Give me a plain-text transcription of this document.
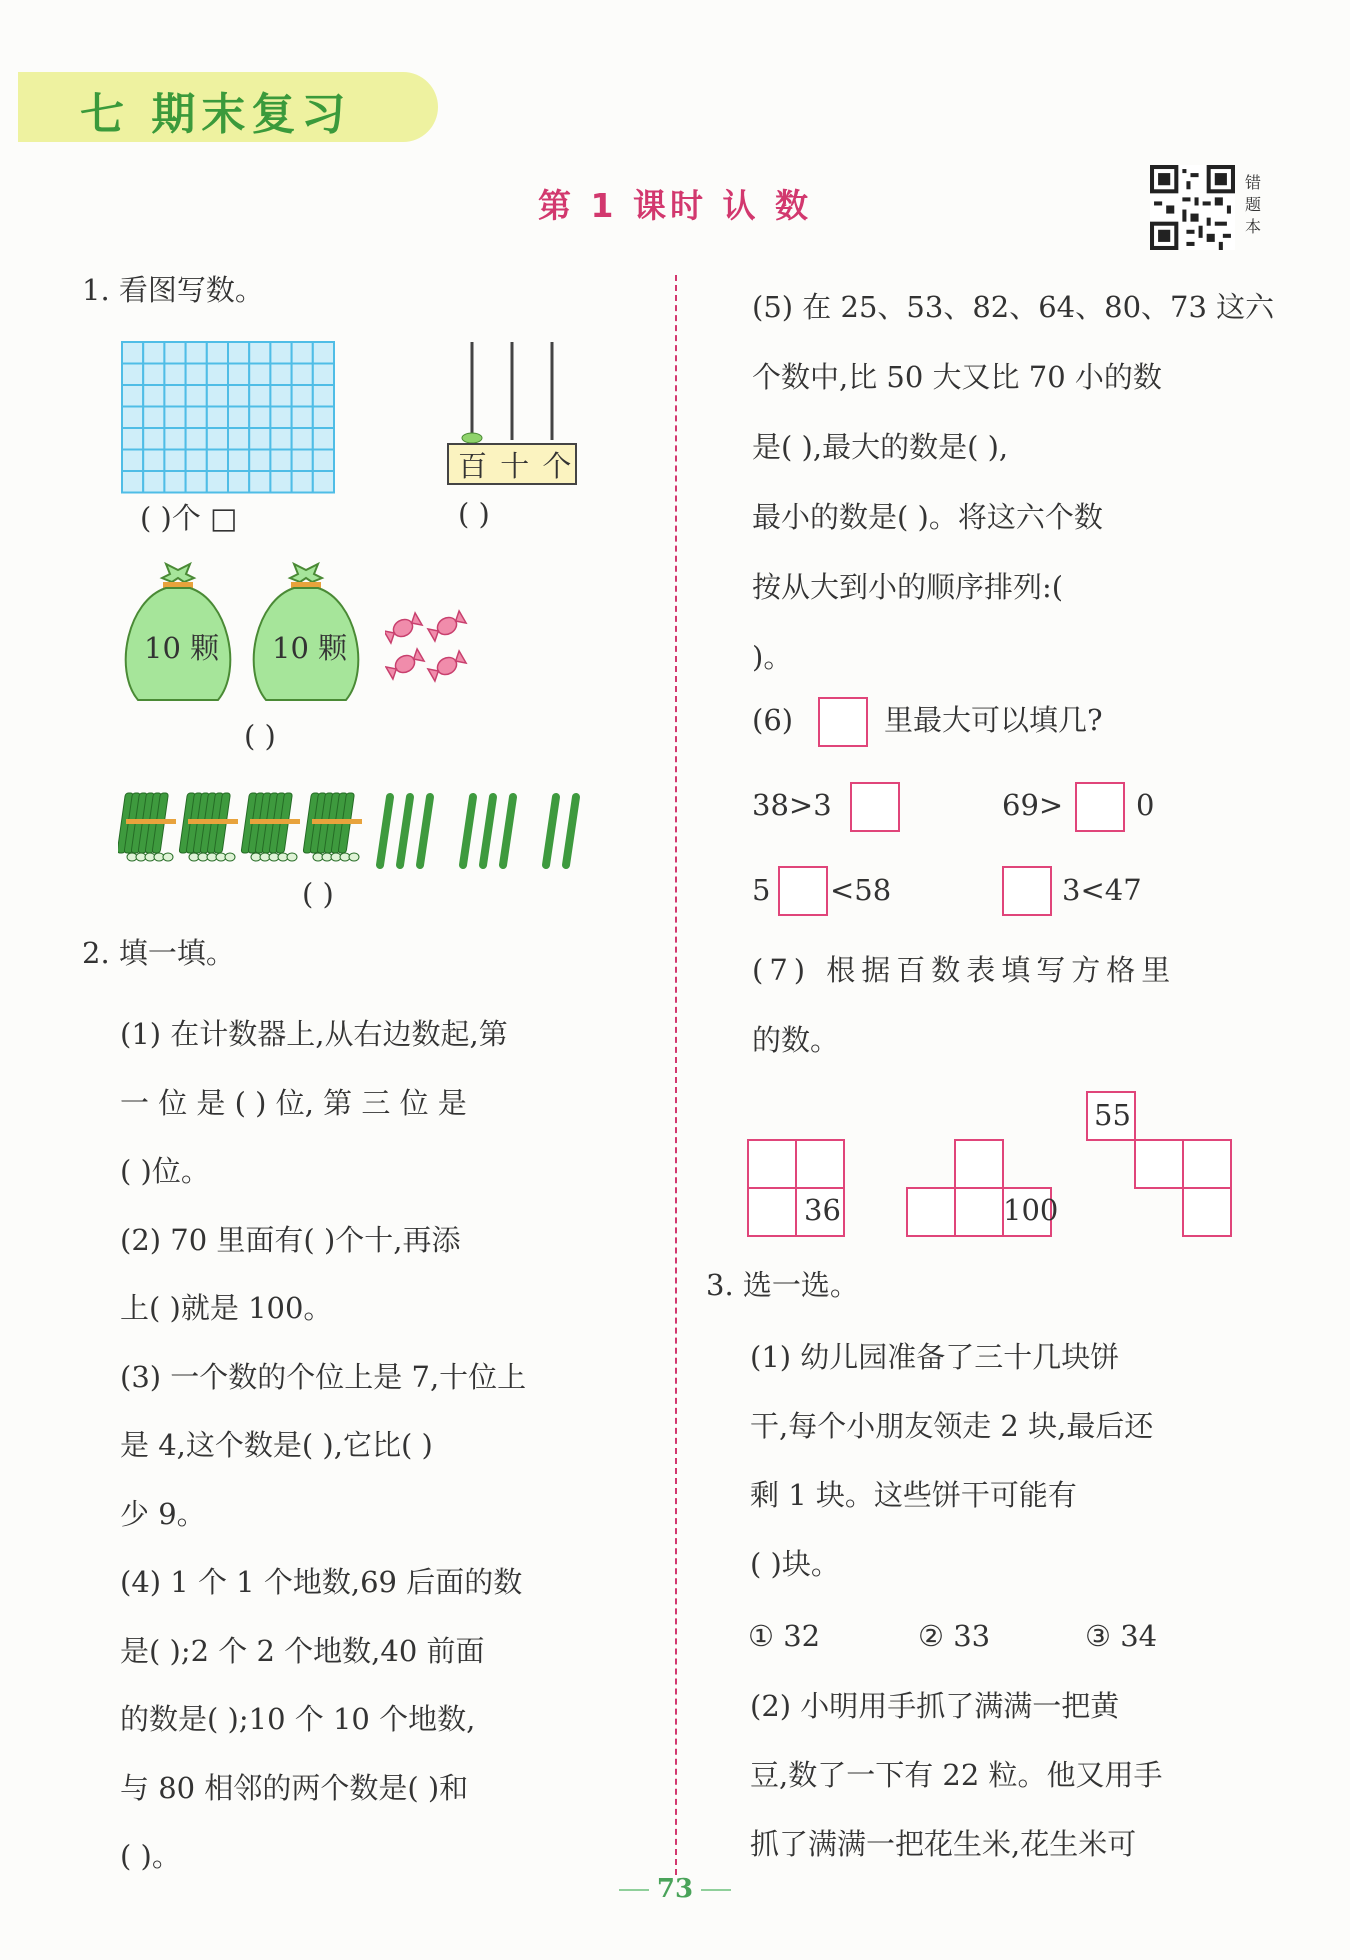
七 期末复习
第 1 课时 认 数
错题本
1. 看图写数。
( )个 □
百 十 个
( )
10 颗 10 颗
( )
( )
2. 填一填。
(1) 在计数器上,从右边数起,第
一 位 是 ( ) 位, 第 三 位 是
( )位。
(2) 70 里面有( )个十,再添
上( )就是 100。
(3) 一个数的个位上是 7,十位上
是 4,这个数是( ),它比( )
少 9。
(4) 1 个 1 个地数,69 后面的数
是( );2 个 2 个地数,40 前面
的数是( );10 个 10 个地数,
与 80 相邻的两个数是( )和
( )。
(5) 在 25、53、82、64、80、73 这六
个数中,比 50 大又比 70 小的数
是( ),最大的数是( ),
最小的数是( )。将这六个数
按从大到小的顺序排列:(
)。
(6)	里最大可以填几?
38>3	69>	0
5 <58	3<47
(7) 根据百数表填写方格里
的数。
36	100
55
3. 选一选。
(1) 幼儿园准备了三十几块饼
干,每个小朋友领走 2 块,最后还
剩 1 块。这些饼干可能有
( )块。
① 32	② 33	③ 34
(2) 小明用手抓了满满一把黄
豆,数了一下有 22 粒。他又用手
抓了满满一把花生米,花生米可
73
